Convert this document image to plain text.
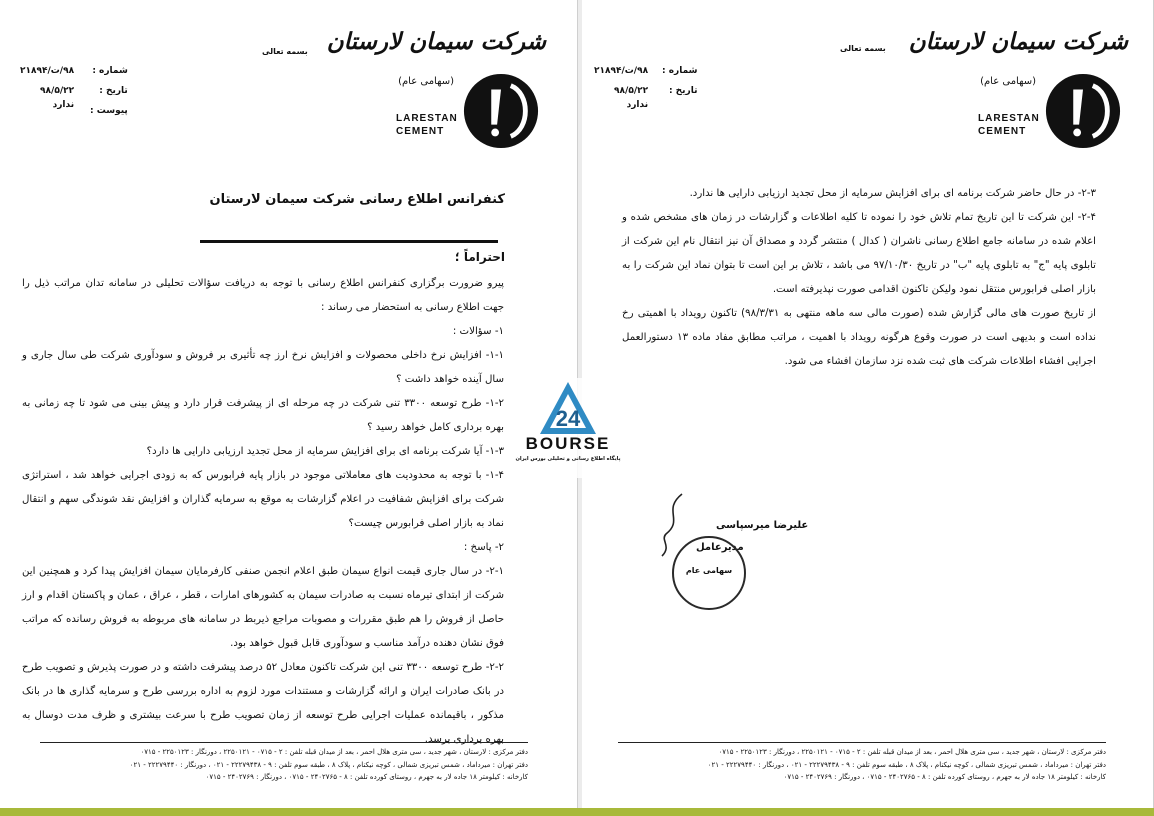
شرکت سیمان لارستان
(سهامی عام)
LARESTAN
CEMENT
بسمه تعالی
شماره :
تاریخ :
پیوست :
۹۸/ت/۲۱۸۹۴
۹۸/۵/۲۲
ندارد
کنفرانس اطلاع رسانی شرکت سیمان لارستان
احتراماً ؛

پیرو ضرورت برگزاری کنفرانس اطلاع رسانی با توجه به دریافت سؤالات تحلیلی در سامانه تدان مراتب ذیل را جهت اطلاع رسانی به استحضار می رساند :

۱- سؤالات :

۱-۱- افزایش نرخ داخلی محصولات و افزایش نرخ ارز چه تأثیری بر فروش و سودآوری شرکت طی سال جاری و سال آینده خواهد داشت ؟

۱-۲- طرح توسعه ۳۳۰۰ تنی شرکت در چه مرحله ای از پیشرفت قرار دارد و پیش بینی می شود تا چه زمانی به بهره برداری کامل خواهد رسید ؟

۱-۳- آیا شرکت برنامه ای برای افزایش سرمایه از محل تجدید ارزیابی دارایی ها دارد؟

۱-۴- با توجه به محدودیت های معاملاتی موجود در بازار پایه فرابورس که به زودی اجرایی خواهد شد ، استراتژی شرکت برای افزایش شفافیت در اعلام گزارشات به موقع به سرمایه گذاران و افزایش نقد شوندگی سهم و انتقال نماد به بازار اصلی فرابورس چیست؟

۲- پاسخ :

۲-۱- در سال جاری قیمت انواع سیمان طبق اعلام انجمن صنفی کارفرمایان سیمان افزایش پیدا کرد و همچنین این شرکت از ابتدای تیرماه نسبت به صادرات سیمان به کشورهای امارات ، قطر ، عراق ، عمان و پاکستان اقدام و ارز حاصل از فروش را هم طبق مقررات و مصوبات مراجع ذیربط در سامانه های مربوطه به فروش رسانده که مراتب فوق نشان دهنده درآمد مناسب و سودآوری قابل قبول خواهد بود.

۲-۲- طرح توسعه ۳۳۰۰ تنی این شرکت تاکنون معادل ۵۲ درصد پیشرفت داشته و در صورت پذیرش و تصویب طرح در بانک صادرات ایران و ارائه گزارشات و مستندات مورد لزوم به اداره بررسی طرح و سرمایه گذاری ها در بانک مذکور ، باقیمانده عملیات اجرایی طرح توسعه از زمان تصویب طرح با سرعت بیشتری و ظرف مدت دوسال به بهره برداری برسد.

دفتر مرکزی : لارستان ، شهر جدید ، سی متری هلال احمر ، بعد از میدان قبله تلفن : ۲ - ۰۷۱۵ - ۲۲۵۰۱۲۱ ، دورنگار : ۲۲۵۰۱۲۳ - ۰۷۱۵
دفتر تهران : میرداماد ، شمس تبریزی شمالی ، کوچه نیکنام ، پلاک ۸ ، طبقه سوم تلفن : ۹ - ۲۲۲۷۹۴۳۸ - ۰۲۱ ، دورنگار : ۲۲۲۷۹۴۴۰ - ۰۲۱
کارخانه : کیلومتر ۱۸ جاده لار به جهرم ، روستای کورده تلفن : ۸ - ۲۴۰۲۷۶۵ - ۰۷۱۵ ، دورنگار : ۲۴۰۲۷۶۹ - ۰۷۱۵
شرکت سیمان لارستان
(سهامی عام)
LARESTAN
CEMENT
بسمه تعالی
شماره :
تاریخ :
۹۸/ت/۲۱۸۹۴
۹۸/۵/۲۲
ندارد

۲-۳- در حال حاضر شرکت برنامه ای برای افزایش سرمایه از محل تجدید ارزیابی دارایی ها ندارد.

۲-۴- این شرکت تا این تاریخ تمام تلاش خود را نموده تا کلیه اطلاعات و گزارشات در زمان های مشخص شده و اعلام شده در سامانه جامع اطلاع رسانی ناشران ( کدال ) منتشر گردد و مصداق آن نیز انتقال نام این شرکت از تابلوی پایه "ج" به تابلوی پایه "ب" در تاریخ ۹۷/۱۰/۳۰ می باشد ، تلاش بر این است تا بتوان نماد این شرکت را به بازار اصلی فرابورس منتقل نمود ولیکن تاکنون اقدامی صورت نپذیرفته است.

از تاریخ صورت های مالی گزارش شده (صورت مالی سه ماهه منتهی به ۹۸/۳/۳۱) تاکنون رویداد با اهمیتی رخ نداده است و بدیهی است در صورت وقوع هرگونه رویداد با اهمیت ، مراتب مطابق مفاد ماده ۱۳ دستورالعمل اجرایی افشاء اطلاعات شرکت های ثبت شده نزد سازمان افشاء می شود.

علیرضا میرسپاسی
مدیرعامل
سهامی عام
دفتر مرکزی : لارستان ، شهر جدید ، سی متری هلال احمر ، بعد از میدان قبله تلفن : ۲ - ۰۷۱۵ - ۲۲۵۰۱۲۱ ، دورنگار : ۲۲۵۰۱۲۳ - ۰۷۱۵
دفتر تهران : میرداماد ، شمس تبریزی شمالی ، کوچه نیکنام ، پلاک ۸ ، طبقه سوم تلفن : ۹ - ۲۲۲۷۹۴۳۸ - ۰۲۱ ، دورنگار : ۲۲۲۷۹۴۴۰ - ۰۲۱
کارخانه : کیلومتر ۱۸ جاده لار به جهرم ، روستای کورده تلفن : ۸ - ۲۴۰۲۷۶۵ - ۰۷۱۵ ، دورنگار : ۲۴۰۲۷۶۹ - ۰۷۱۵
24
BOURSE
پایگاه اطلاع رسانی و تحلیلی بورس ایران
